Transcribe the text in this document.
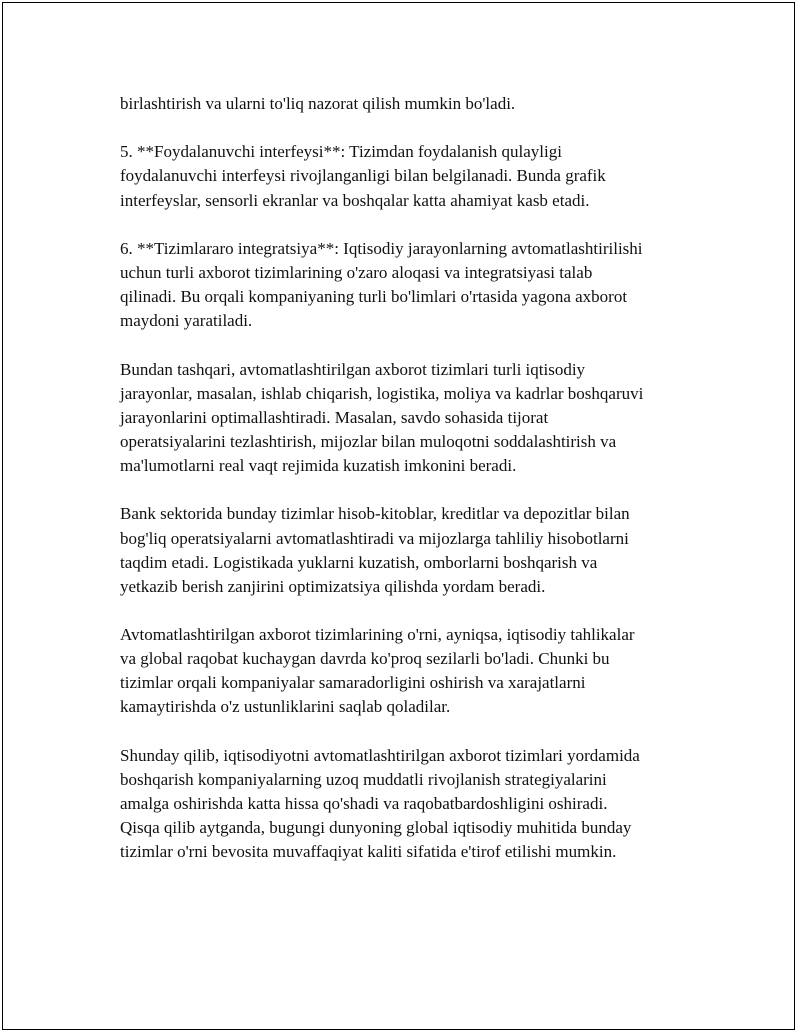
birlashtirish va ularni to'liq nazorat qilish mumkin bo'ladi.

5. **Foydalanuvchi interfeysi**: Tizimdan foydalanish qulayligi
foydalanuvchi interfeysi rivojlanganligi bilan belgilanadi. Bunda grafik
interfeyslar, sensorli ekranlar va boshqalar katta ahamiyat kasb etadi.

6. **Tizimlararo integratsiya**: Iqtisodiy jarayonlarning avtomatlashtirilishi
uchun turli axborot tizimlarining o'zaro aloqasi va integratsiyasi talab
qilinadi. Bu orqali kompaniyaning turli bo'limlari o'rtasida yagona axborot
maydoni yaratiladi.

Bundan tashqari, avtomatlashtirilgan axborot tizimlari turli iqtisodiy
jarayonlar, masalan, ishlab chiqarish, logistika, moliya va kadrlar boshqaruvi
jarayonlarini optimallashtiradi. Masalan, savdo sohasida tijorat
operatsiyalarini tezlashtirish, mijozlar bilan muloqotni soddalashtirish va
ma'lumotlarni real vaqt rejimida kuzatish imkonini beradi.

Bank sektorida bunday tizimlar hisob-kitoblar, kreditlar va depozitlar bilan
bog'liq operatsiyalarni avtomatlashtiradi va mijozlarga tahliliy hisobotlarni
taqdim etadi. Logistikada yuklarni kuzatish, omborlarni boshqarish va
yetkazib berish zanjirini optimizatsiya qilishda yordam beradi.

Avtomatlashtirilgan axborot tizimlarining o'rni, ayniqsa, iqtisodiy tahlikalar
va global raqobat kuchaygan davrda ko'proq sezilarli bo'ladi. Chunki bu
tizimlar orqali kompaniyalar samaradorligini oshirish va xarajatlarni
kamaytirishda o'z ustunliklarini saqlab qoladilar.

Shunday qilib, iqtisodiyotni avtomatlashtirilgan axborot tizimlari yordamida
boshqarish kompaniyalarning uzoq muddatli rivojlanish strategiyalarini
amalga oshirishda katta hissa qo'shadi va raqobatbardoshligini oshiradi.
Qisqa qilib aytganda, bugungi dunyoning global iqtisodiy muhitida bunday
tizimlar o'rni bevosita muvaffaqiyat kaliti sifatida e'tirof etilishi mumkin.
